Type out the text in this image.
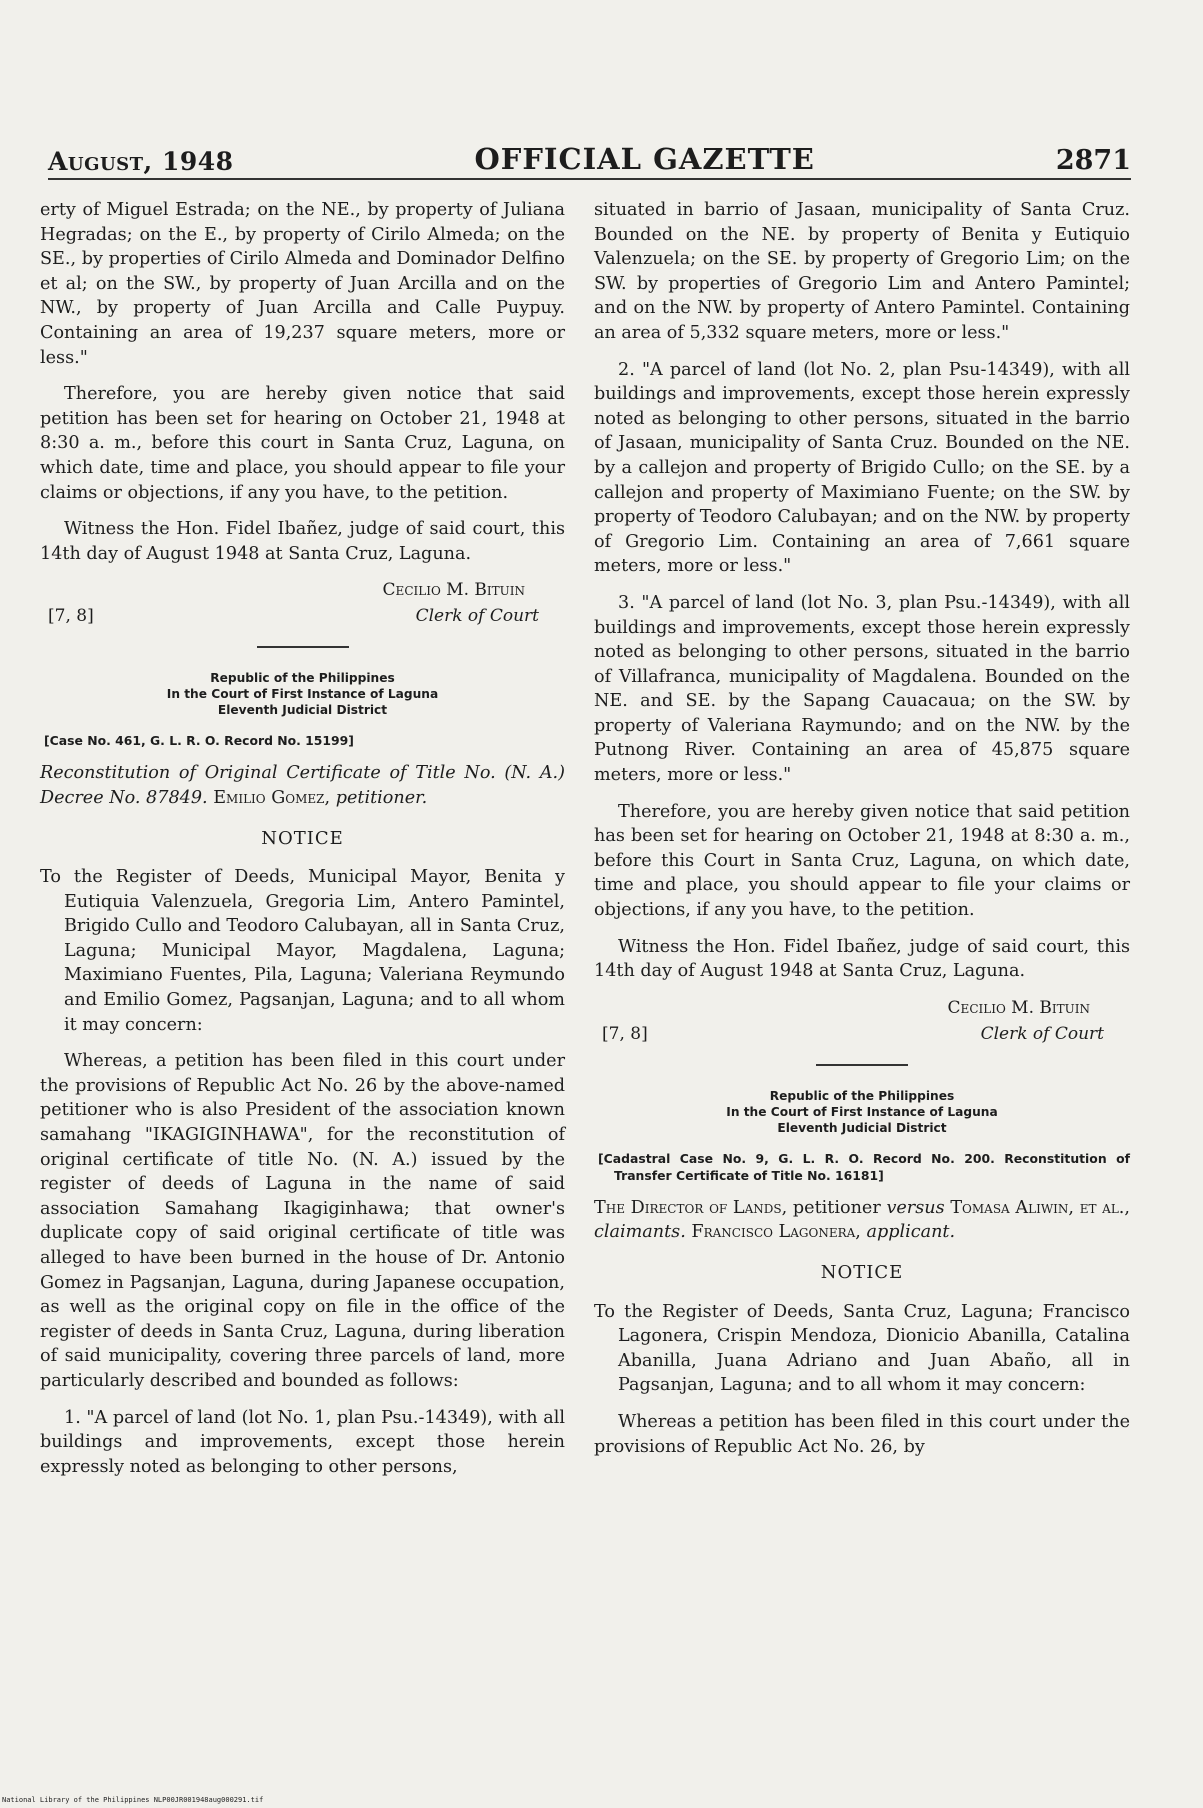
August, 1948	OFFICIAL GAZETTE	2871

erty of Miguel Estrada; on the NE., by property of Juliana Hegradas; on the E., by property of Cirilo Almeda; on the SE., by properties of Cirilo Almeda and Dominador Delfino et al; on the SW., by property of Juan Arcilla and on the NW., by property of Juan Arcilla and Calle Puypuy. Containing an area of 19,237 square meters, more or less."

Therefore, you are hereby given notice that said petition has been set for hearing on October 21, 1948 at 8:30 a. m., before this court in Santa Cruz, Laguna, on which date, time and place, you should appear to file your claims or objections, if any you have, to the petition.

Witness the Hon. Fidel Ibañez, judge of said court, this 14th day of August 1948 at Santa Cruz, Laguna.

Cecilio M. Bituin
[7, 8]	Clerk of Court
Republic of the Philippines
In the Court of First Instance of Laguna
Eleventh Judicial District
[Case No. 461, G. L. R. O. Record No. 15199]
Reconstitution of Original Certificate of Title No. (N. A.) Decree No. 87849. Emilio Gomez, petitioner.
NOTICE

To the Register of Deeds, Municipal Mayor, Benita y Eutiquia Valenzuela, Gregoria Lim, Antero Pamintel, Brigido Cullo and Teodoro Calubayan, all in Santa Cruz, Laguna; Municipal Mayor, Magdalena, Laguna; Maximiano Fuentes, Pila, Laguna; Valeriana Reymundo and Emilio Gomez, Pagsanjan, Laguna; and to all whom it may concern:

Whereas, a petition has been filed in this court under the provisions of Republic Act No. 26 by the above-named petitioner who is also President of the association known samahang "IKAGIGINHAWA", for the reconstitution of original certificate of title No. (N. A.) issued by the register of deeds of Laguna in the name of said association Samahang Ikagiginhawa; that owner's duplicate copy of said original certificate of title was alleged to have been burned in the house of Dr. Antonio Gomez in Pagsanjan, Laguna, during Japanese occupation, as well as the original copy on file in the office of the register of deeds in Santa Cruz, Laguna, during liberation of said municipality, covering three parcels of land, more particularly described and bounded as follows:

1. "A parcel of land (lot No. 1, plan Psu.-14349), with all buildings and improvements, except those herein expressly noted as belonging to other persons,

situated in barrio of Jasaan, municipality of Santa Cruz. Bounded on the NE. by property of Benita y Eutiquio Valenzuela; on the SE. by property of Gregorio Lim; on the SW. by properties of Gregorio Lim and Antero Pamintel; and on the NW. by property of Antero Pamintel. Containing an area of 5,332 square meters, more or less."

2. "A parcel of land (lot No. 2, plan Psu-14349), with all buildings and improvements, except those herein expressly noted as belonging to other persons, situated in the barrio of Jasaan, municipality of Santa Cruz. Bounded on the NE. by a callejon and property of Brigido Cullo; on the SE. by a callejon and property of Maximiano Fuente; on the SW. by property of Teodoro Calubayan; and on the NW. by property of Gregorio Lim. Containing an area of 7,661 square meters, more or less."

3. "A parcel of land (lot No. 3, plan Psu.-14349), with all buildings and improvements, except those herein expressly noted as belonging to other persons, situated in the barrio of Villafranca, municipality of Magdalena. Bounded on the NE. and SE. by the Sapang Cauacaua; on the SW. by property of Valeriana Raymundo; and on the NW. by the Putnong River. Containing an area of 45,875 square meters, more or less."

Therefore, you are hereby given notice that said petition has been set for hearing on October 21, 1948 at 8:30 a. m., before this Court in Santa Cruz, Laguna, on which date, time and place, you should appear to file your claims or objections, if any you have, to the petition.

Witness the Hon. Fidel Ibañez, judge of said court, this 14th day of August 1948 at Santa Cruz, Laguna.

Cecilio M. Bituin
[7, 8]	Clerk of Court
Republic of the Philippines
In the Court of First Instance of Laguna
Eleventh Judicial District
[Cadastral Case No. 9, G. L. R. O. Record No. 200. Reconstitution of Transfer Certificate of Title No. 16181]
The Director of Lands, petitioner versus Tomasa Aliwin, et al., claimants. Francisco Lagonera, applicant.
NOTICE

To the Register of Deeds, Santa Cruz, Laguna; Francisco Lagonera, Crispin Mendoza, Dionicio Abanilla, Catalina Abanilla, Juana Adriano and Juan Abaño, all in Pagsanjan, Laguna; and to all whom it may concern:

Whereas a petition has been filed in this court under the provisions of Republic Act No. 26, by

National Library of the Philippines NLP00JR001948aug000291.tif
